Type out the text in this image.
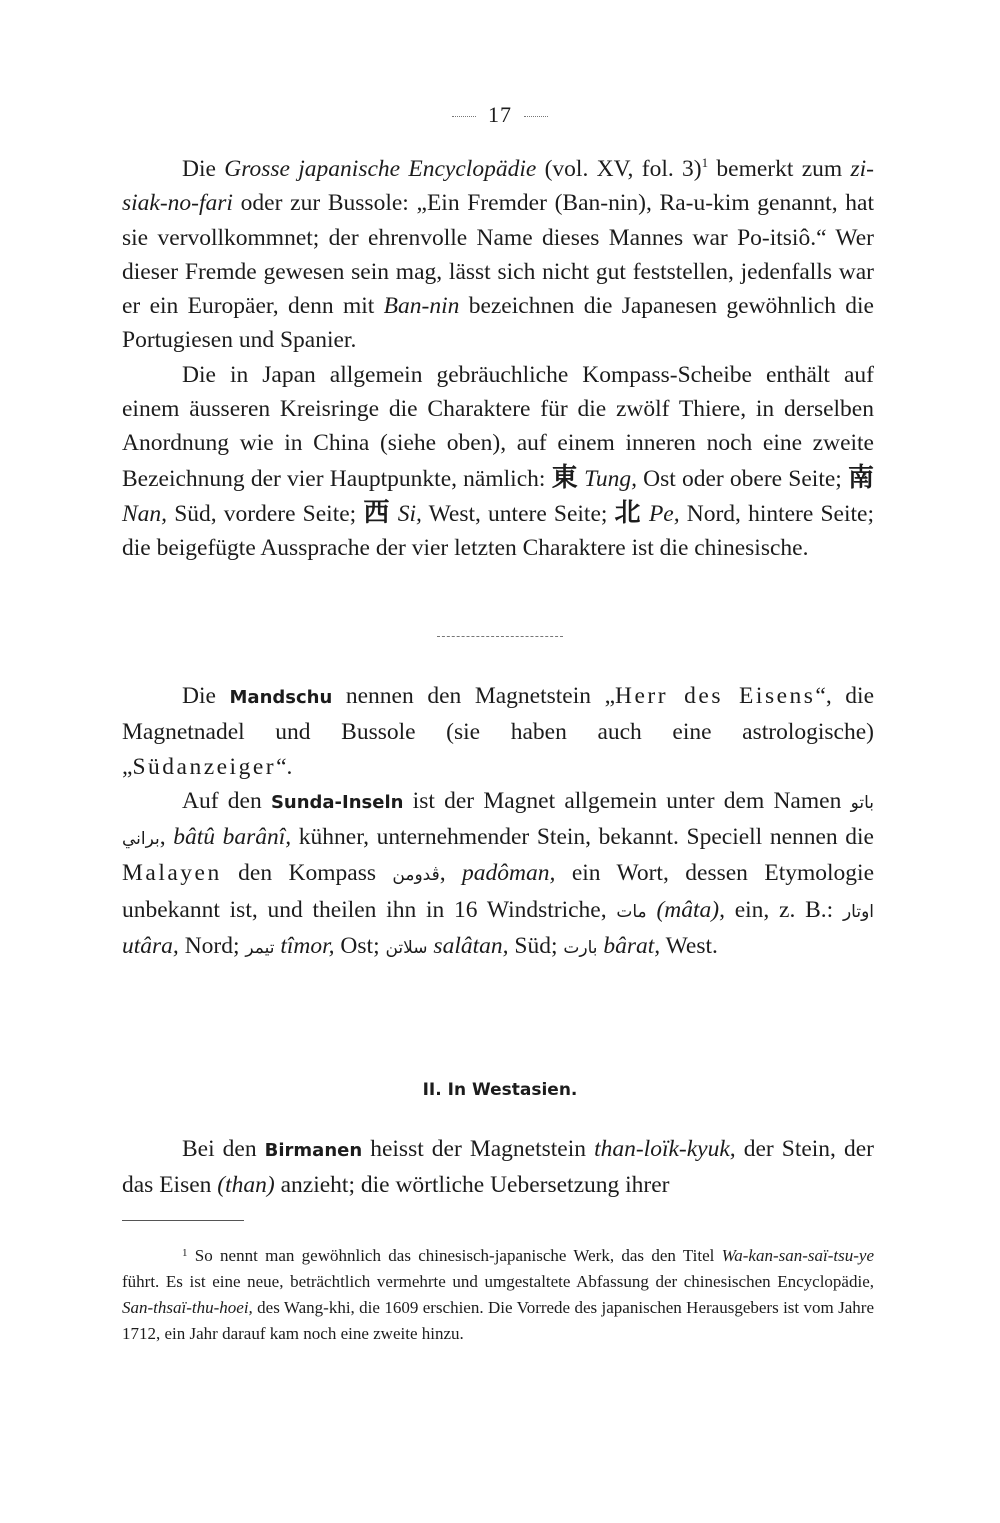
17

Die Grosse japanische Encyclopädie (vol. XV, fol. 3)$^1$ bemerkt zum zi-siak-no-fari oder zur Bussole: „Ein Fremder (Ban-nin), Ra-u-kim genannt, hat sie vervollkommnet; der ehrenvolle Name dieses Mannes war Po-itsiô.“ Wer dieser Fremde gewesen sein mag, lässt sich nicht gut feststellen, jedenfalls war er ein Europäer, denn mit Ban-nin bezeichnen die Japanesen gewöhnlich die Portugiesen und Spanier.

Die in Japan allgemein gebräuchliche Kompass-Scheibe enthält auf einem äusseren Kreisringe die Charaktere für die zwölf Thiere, in derselben Anordnung wie in China (siehe oben), auf einem inneren noch eine zweite Bezeichnung der vier Hauptpunkte, nämlich: 東 Tung, Ost oder obere Seite; 南 Nan, Süd, vordere Seite; 西 Si, West, untere Seite; 北 Pe, Nord, hintere Seite; die beigefügte Aussprache der vier letzten Charaktere ist die chinesische.

Die Mandschu nennen den Magnetstein „Herr des Eisens“, die Magnetnadel und Bussole (sie haben auch eine astrologische) „Südanzeiger“.

Auf den Sunda-Inseln ist der Magnet allgemein unter dem Namen باتو براني, bâtû barânî, kühner, unternehmender Stein, bekannt. Speciell nennen die Malayen den Kompass ڤدومن, padôman, ein Wort, dessen Etymologie unbekannt ist, und theilen ihn in 16 Windstriche, مات (mâta), ein, z. B.: اوتار utâra, Nord; تيمر tîmor, Ost; سلاتن salâtan, Süd; بارت bârat, West.

II. In Westasien.

Bei den Birmanen heisst der Magnetstein than-loïk-kyuk, der Stein, der das Eisen (than) anzieht; die wörtliche Uebersetzung ihrer

$^1$ So nennt man gewöhnlich das chinesisch-japanische Werk, das den Titel Wa-kan-san-saï-tsu-ye führt. Es ist eine neue, beträchtlich vermehrte und umgestaltete Abfassung der chinesischen Encyclopädie, San-thsaï-thu-hoei, des Wang-khi, die 1609 erschien. Die Vorrede des japanischen Herausgebers ist vom Jahre 1712, ein Jahr darauf kam noch eine zweite hinzu.
